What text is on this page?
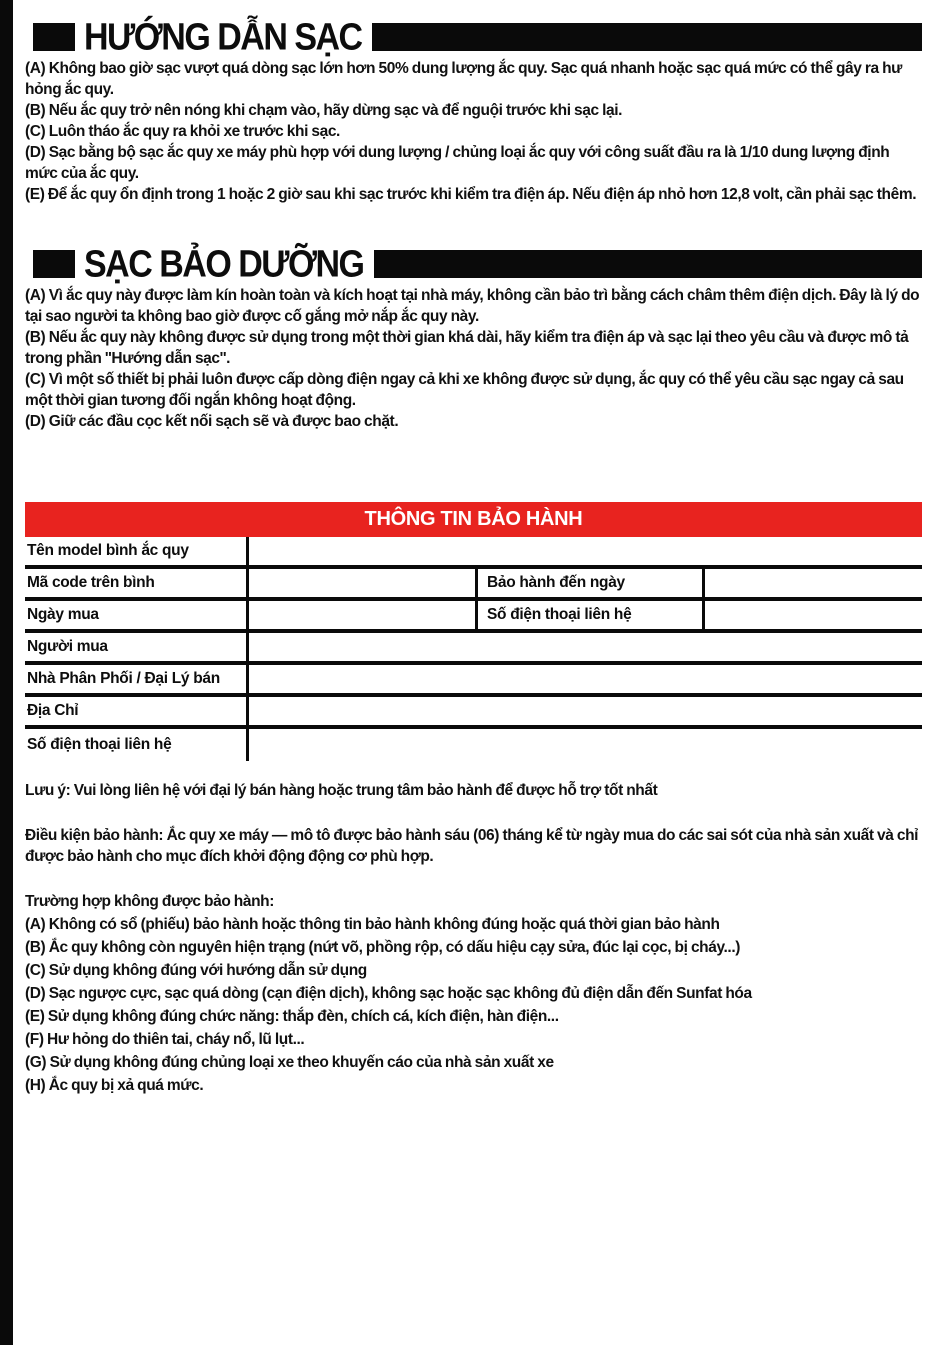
HƯỚNG DẪN SẠC

(A) Không bao giờ sạc vượt quá dòng sạc lớn hơn 50% dung lượng ắc quy. Sạc quá nhanh hoặc sạc quá mức có thể gây ra hư hỏng ắc quy.

(B) Nếu ắc quy trở nên nóng khi chạm vào, hãy dừng sạc và để nguội trước khi sạc lại.

(C) Luôn tháo ắc quy ra khỏi xe trước khi sạc.

(D) Sạc bằng bộ sạc ắc quy xe máy phù hợp với dung lượng / chủng loại ắc quy với công suất đầu ra là 1/10 dung lượng định mức của ắc quy.

(E) Để ắc quy ổn định trong 1 hoặc 2 giờ sau khi sạc trước khi kiểm tra điện áp. Nếu điện áp nhỏ hơn 12,8 volt, cần phải sạc thêm.

SẠC BẢO DƯỠNG

(A) Vì ắc quy này được làm kín hoàn toàn và kích hoạt tại nhà máy, không cần bảo trì bằng cách châm thêm điện dịch. Đây là lý do tại sao người ta không bao giờ được cố gắng mở nắp ắc quy này.

(B) Nếu ắc quy này không được sử dụng trong một thời gian khá dài, hãy kiểm tra điện áp và sạc lại theo yêu cầu và được mô tả trong phần ''Hướng dẫn sạc''.

(C) Vì một số thiết bị phải luôn được cấp dòng điện ngay cả khi xe không được sử dụng, ắc quy có thể yêu cầu sạc ngay cả sau một thời gian tương đối ngắn không hoạt động.

(D) Giữ các đầu cọc kết nối sạch sẽ và được bao chặt.

THÔNG TIN BẢO HÀNH
Tên model bình ắc quy
Mã code trên bình	Bảo hành đến ngày
Ngày mua	Số điện thoại liên hệ
Người mua
Nhà Phân Phối / Đại Lý bán
Địa Chỉ
Số điện thoại liên hệ

Lưu ý: Vui lòng liên hệ với đại lý bán hàng hoặc trung tâm bảo hành để được hỗ trợ tốt nhất

Điều kiện bảo hành: Ắc quy xe máy — mô tô được bảo hành sáu (06) tháng kể từ ngày mua do các sai sót của nhà sản xuất và chỉ được bảo hành cho mục đích khởi động động cơ phù hợp.

Trường hợp không được bảo hành:

(A) Không có sổ (phiếu) bảo hành hoặc thông tin bảo hành không đúng hoặc quá thời gian bảo hành

(B) Ắc quy không còn nguyên hiện trạng (nứt võ, phồng rộp, có dấu hiệu cạy sửa, đúc lại cọc, bị cháy...)

(C) Sử dụng không đúng với hướng dẫn sử dụng

(D) Sạc ngược cực, sạc quá dòng (cạn điện dịch), không sạc hoặc sạc không đủ điện dẫn đến Sunfat hóa

(E) Sử dụng không đúng chức năng: thắp đèn, chích cá, kích điện, hàn điện...

(F) Hư hỏng do thiên tai, cháy nổ, lũ lụt...

(G) Sử dụng không đúng chủng loại xe theo khuyến cáo của nhà sản xuất xe

(H) Ắc quy bị xả quá mức.
